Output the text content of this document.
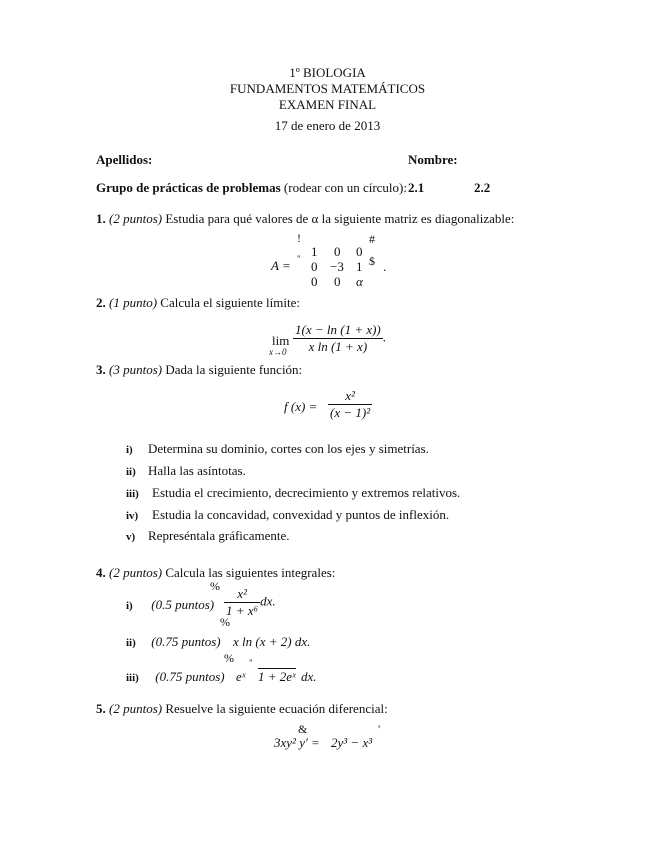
1º BIOLOGIA
FUNDAMENTOS MATEMÁTICOS
EXAMEN FINAL
17 de enero de 2013
Apellidos:	Nombre:
Grupo de prácticas de problemas (rodear con un círculo): 2.1	2.2
1. (2 puntos) Estudia para qué valores de α la siguiente matriz es diagonalizable:
A =
!
"
#
$ .
1 0 0
0 −3 1
0 0 α
2. (1 punto) Calcula el siguiente límite:
lim
$x\to 0 \frac{1(x - \ln (1 + x))}{\text{x ln (1 + x)}}$ .
3. (3 puntos) Dada la siguiente función:
f $(x) = \frac{\text{x²}}{\text{(x − 1)²}}$
i) Determina su dominio, cortes con los ejes y simetrías.
ii) Halla las asíntotas.
iii) Estudia el crecimiento, decrecimiento y extremos relativos.
iv) Estudia la concavidad, convexidad y puntos de inflexión.
v) Represéntala gráficamente.
4. (2 puntos) Calcula las siguientes integrales:
%
%
i) (0.5 puntos) $\frac{\text{x²}}{\text{1 + x⁶}}$ dx.
ii) (0.75 puntos) x ln (x + 2) dx.
%
iii) (0.75 puntos) eˣ
"
1 + 2eˣ dx.
5. (2 puntos) Resuelve la siguiente ecuación diferencial:
&	'
3xy² y′ = 2y³ − x³
